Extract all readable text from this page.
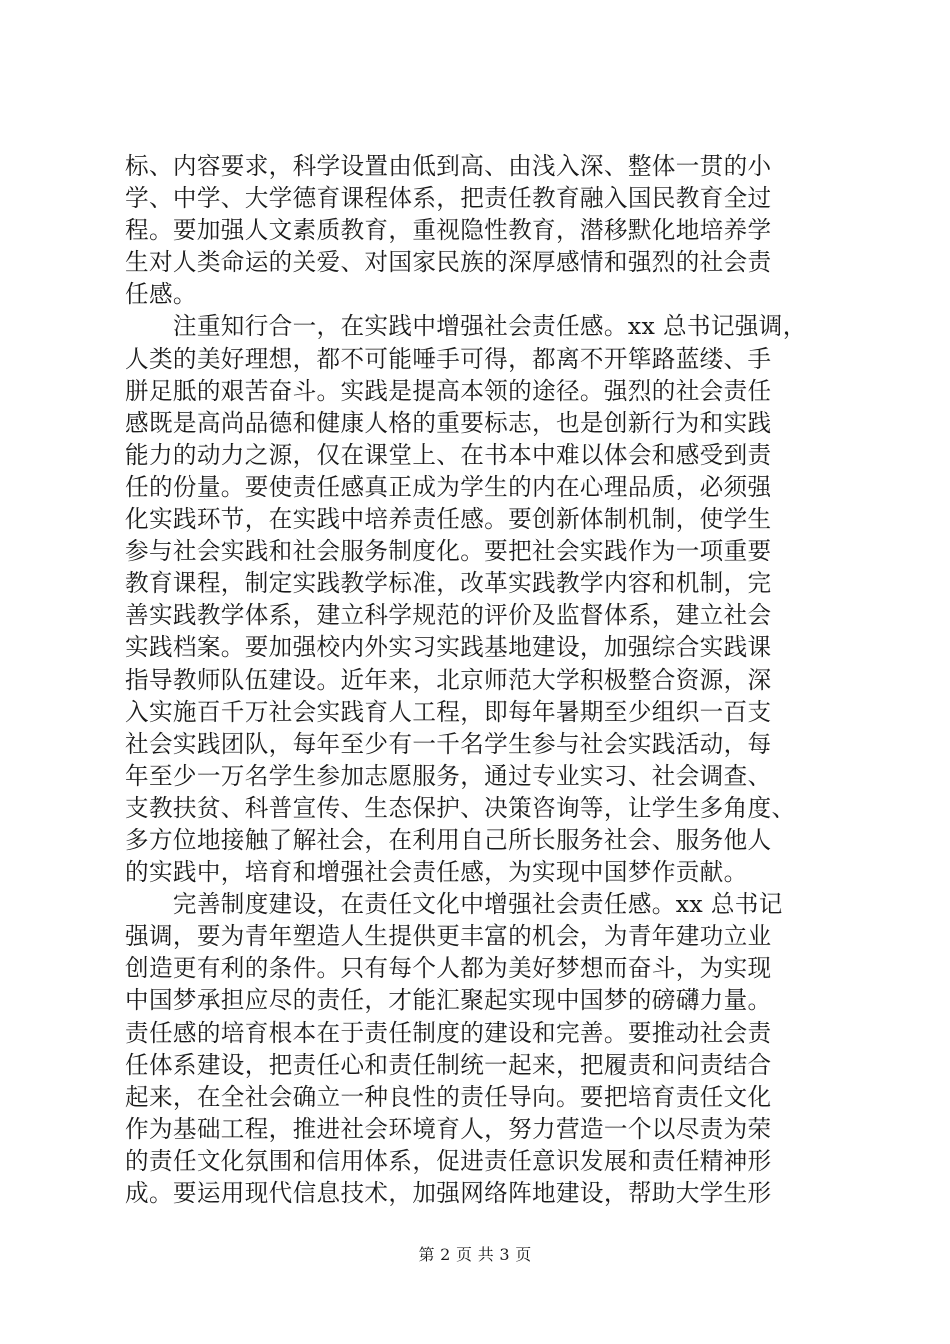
标、内容要求，科学设置由低到高、由浅入深、整体一贯的小
学、中学、大学德育课程体系，把责任教育融入国民教育全过
程。要加强人文素质教育，重视隐性教育，潜移默化地培养学
生对人类命运的关爱、对国家民族的深厚感情和强烈的社会责
任感。
　　注重知行合一，在实践中增强社会责任感。xx 总书记强调，
人类的美好理想，都不可能唾手可得，都离不开筚路蓝缕、手
胼足胝的艰苦奋斗。实践是提高本领的途径。强烈的社会责任
感既是高尚品德和健康人格的重要标志，也是创新行为和实践
能力的动力之源，仅在课堂上、在书本中难以体会和感受到责
任的份量。要使责任感真正成为学生的内在心理品质，必须强
化实践环节，在实践中培养责任感。要创新体制机制，使学生
参与社会实践和社会服务制度化。要把社会实践作为一项重要
教育课程，制定实践教学标准，改革实践教学内容和机制，完
善实践教学体系，建立科学规范的评价及监督体系，建立社会
实践档案。要加强校内外实习实践基地建设，加强综合实践课
指导教师队伍建设。近年来，北京师范大学积极整合资源，深
入实施百千万社会实践育人工程，即每年暑期至少组织一百支
社会实践团队，每年至少有一千名学生参与社会实践活动，每
年至少一万名学生参加志愿服务，通过专业实习、社会调查、
支教扶贫、科普宣传、生态保护、决策咨询等，让学生多角度、
多方位地接触了解社会，在利用自己所长服务社会、服务他人
的实践中，培育和增强社会责任感，为实现中国梦作贡献。
　　完善制度建设，在责任文化中增强社会责任感。xx 总书记
强调，要为青年塑造人生提供更丰富的机会，为青年建功立业
创造更有利的条件。只有每个人都为美好梦想而奋斗，为实现
中国梦承担应尽的责任，才能汇聚起实现中国梦的磅礴力量。
责任感的培育根本在于责任制度的建设和完善。要推动社会责
任体系建设，把责任心和责任制统一起来，把履责和问责结合
起来，在全社会确立一种良性的责任导向。要把培育责任文化
作为基础工程，推进社会环境育人，努力营造一个以尽责为荣
的责任文化氛围和信用体系，促进责任意识发展和责任精神形
成。要运用现代信息技术，加强网络阵地建设，帮助大学生形
第 2 页 共 3 页
